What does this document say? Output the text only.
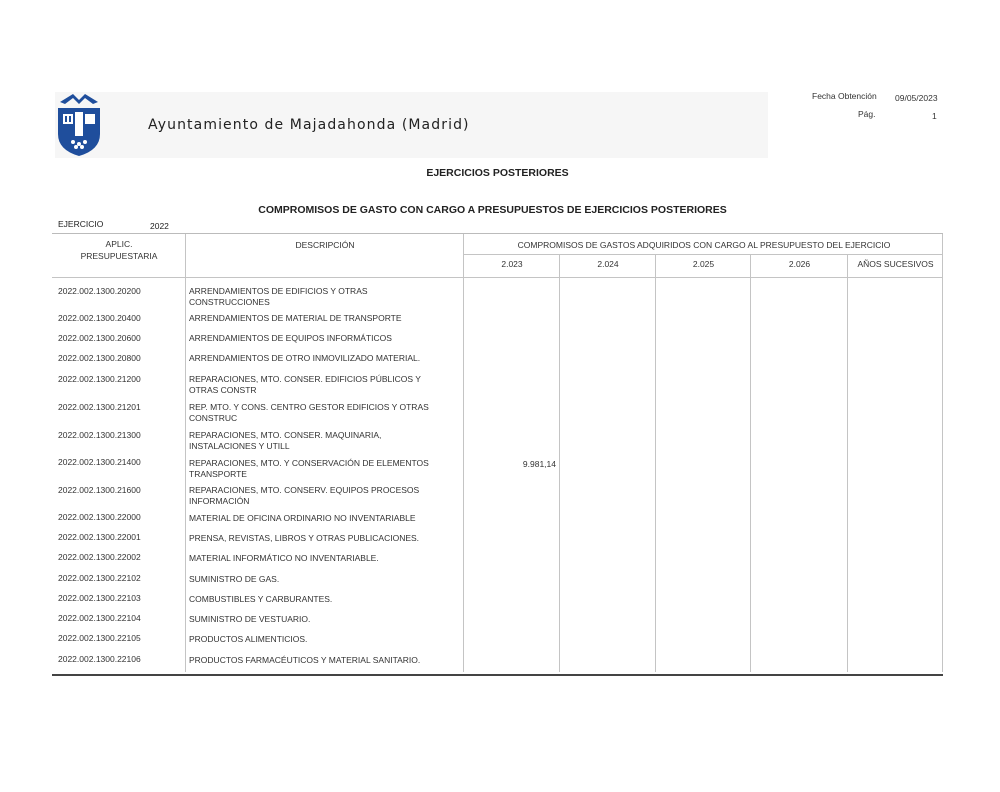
Ayuntamiento de Majadahonda (Madrid)
Fecha Obtención 09/05/2023
Pág.	1
EJERCICIOS POSTERIORES
COMPROMISOS DE GASTO CON CARGO A PRESUPUESTOS DE EJERCICIOS POSTERIORES
EJERCICIO	2022
APLIC.
PRESUPUESTARIA
DESCRIPCIÓN	COMPROMISOS DE GASTOS ADQUIRIDOS CON CARGO AL PRESUPUESTO DEL EJERCICIO
2.023	2.024	2.025	2.026	AÑOS SUCESIVOS
2022.002.1300.20200	ARRENDAMIENTOS DE EDIFICIOS Y OTRAS CONSTRUCCIONES
2022.002.1300.20400	ARRENDAMIENTOS DE MATERIAL DE TRANSPORTE
2022.002.1300.20600	ARRENDAMIENTOS DE EQUIPOS INFORMÁTICOS
2022.002.1300.20800	ARRENDAMIENTOS DE OTRO INMOVILIZADO MATERIAL.
2022.002.1300.21200	REPARACIONES, MTO. CONSER. EDIFICIOS PÚBLICOS Y OTRAS CONSTR
2022.002.1300.21201	REP. MTO. Y CONS. CENTRO GESTOR EDIFICIOS Y OTRAS CONSTRUC
2022.002.1300.21300	REPARACIONES, MTO. CONSER. MAQUINARIA, INSTALACIONES Y UTILL
2022.002.1300.21400	REPARACIONES, MTO. Y CONSERVACIÓN DE ELEMENTOS TRANSPORTE
9.981,14
2022.002.1300.21600	REPARACIONES, MTO. CONSERV. EQUIPOS PROCESOS INFORMACIÓN
2022.002.1300.22000	MATERIAL DE OFICINA ORDINARIO NO INVENTARIABLE
2022.002.1300.22001	PRENSA, REVISTAS, LIBROS Y OTRAS PUBLICACIONES.
2022.002.1300.22002	MATERIAL INFORMÁTICO NO INVENTARIABLE.
2022.002.1300.22102	SUMINISTRO DE GAS.
2022.002.1300.22103	COMBUSTIBLES Y CARBURANTES.
2022.002.1300.22104	SUMINISTRO DE VESTUARIO.
2022.002.1300.22105	PRODUCTOS ALIMENTICIOS.
2022.002.1300.22106	PRODUCTOS FARMACÉUTICOS Y MATERIAL SANITARIO.
